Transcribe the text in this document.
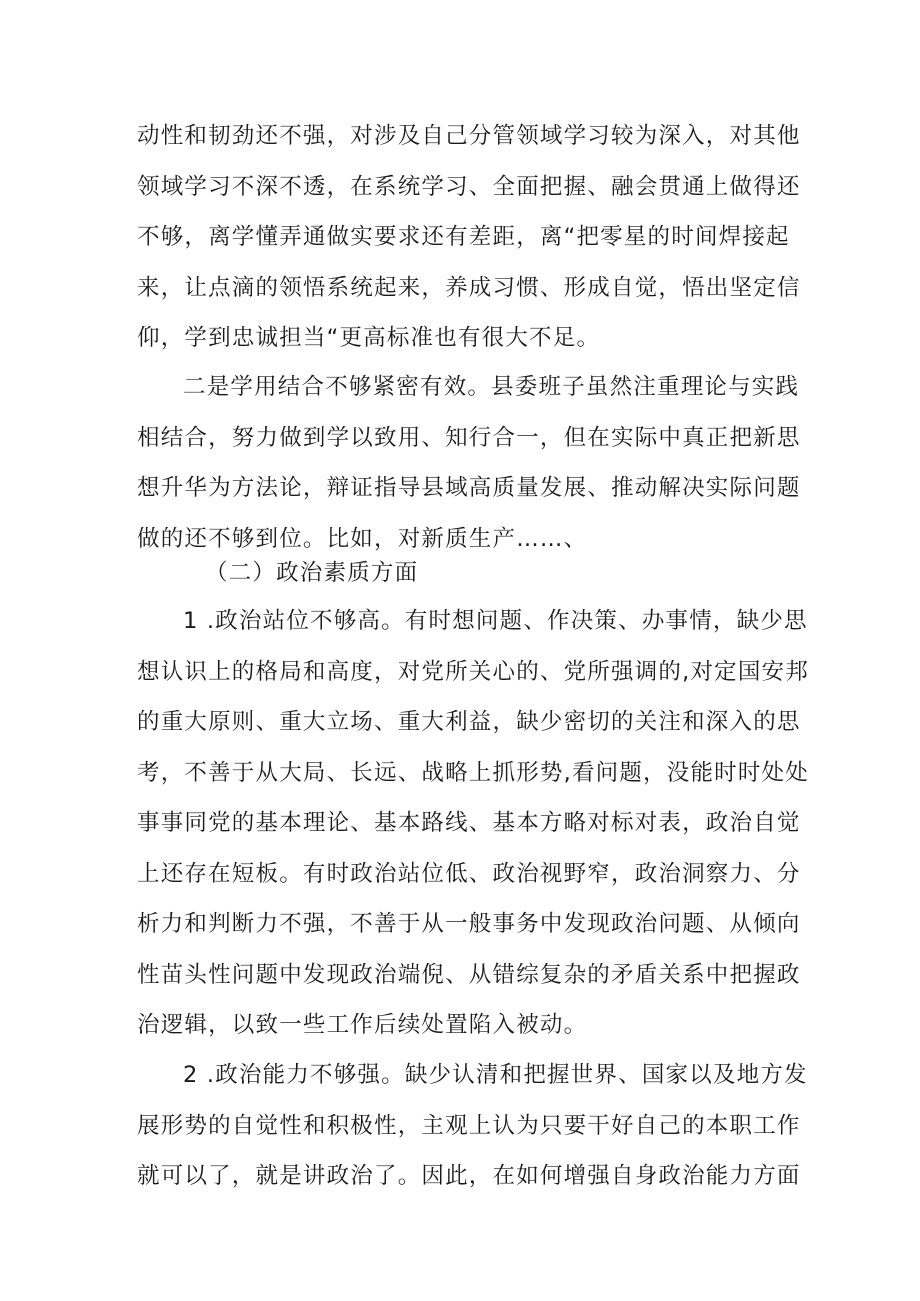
动性和韧劲还不强，对涉及自己分管领域学习较为深入，对其他
领域学习不深不透，在系统学习、全面把握、融会贯通上做得还
不够，离学懂弄通做实要求还有差距，离“把零星的时间焊接起
来，让点滴的领悟系统起来，养成习惯、形成自觉，悟出坚定信
仰，学到忠诚担当“更高标准也有很大不足。
二是学用结合不够紧密有效。县委班子虽然注重理论与实践
相结合，努力做到学以致用、知行合一，但在实际中真正把新思
想升华为方法论，辩证指导县域高质量发展、推动解决实际问题
做的还不够到位。比如，对新质生产……、
（二）政治素质方面
1 .政治站位不够高。有时想问题、作决策、办事情，缺少思
想认识上的格局和高度，对党所关心的、党所强调的,对定国安邦
的重大原则、重大立场、重大利益，缺少密切的关注和深入的思
考，不善于从大局、长远、战略上抓形势,看问题，没能时时处处
事事同党的基本理论、基本路线、基本方略对标对表，政治自觉
上还存在短板。有时政治站位低、政治视野窄，政治洞察力、分
析力和判断力不强，不善于从一般事务中发现政治问题、从倾向
性苗头性问题中发现政治端倪、从错综复杂的矛盾关系中把握政
治逻辑，以致一些工作后续处置陷入被动。
2 .政治能力不够强。缺少认清和把握世界、国家以及地方发
展形势的自觉性和积极性，主观上认为只要干好自己的本职工作
就可以了，就是讲政治了。因此，在如何增强自身政治能力方面
